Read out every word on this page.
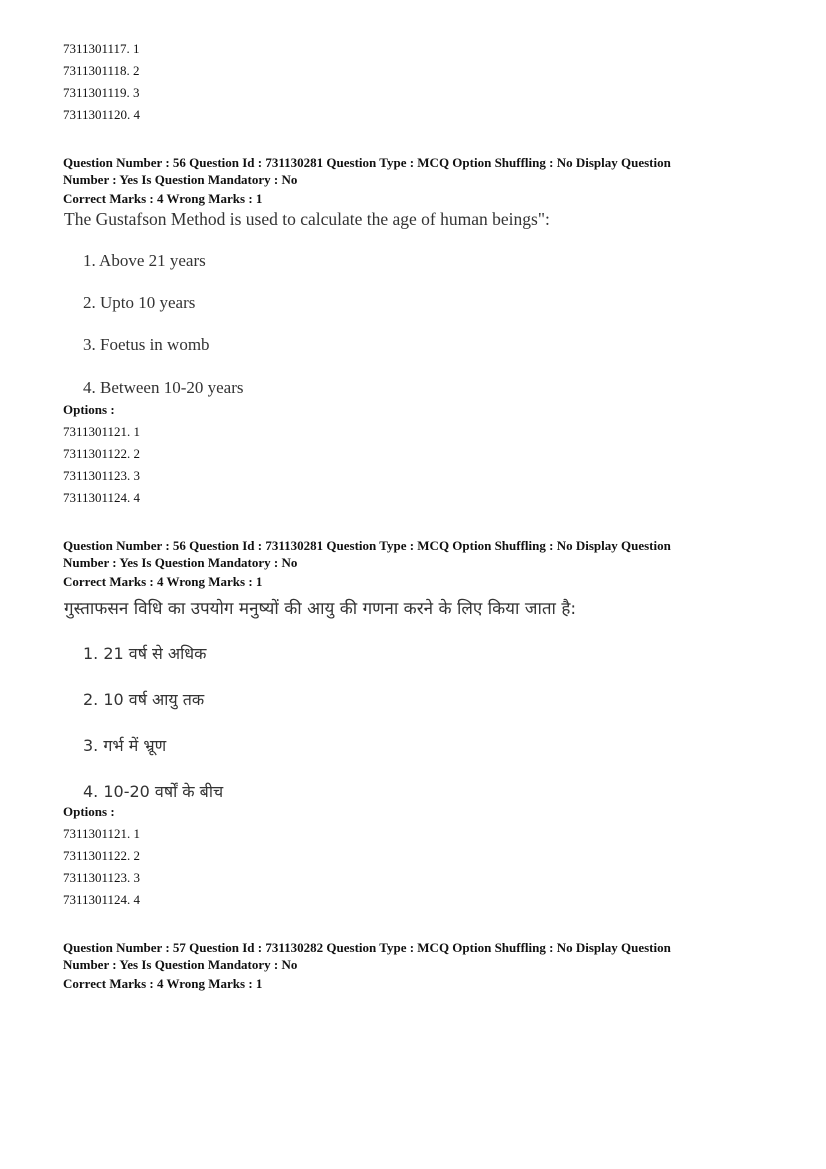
7311301117. 1
7311301118. 2
7311301119. 3
7311301120. 4
Question Number : 56 Question Id : 731130281 Question Type : MCQ Option Shuffling : No Display Question
Number : Yes Is Question Mandatory : No
Correct Marks : 4 Wrong Marks : 1
The Gustafson Method is used to calculate the age of human beings":
1. Above 21 years
2. Upto 10 years
3. Foetus in womb
4. Between 10-20 years
Options :
7311301121. 1
7311301122. 2
7311301123. 3
7311301124. 4
Question Number : 56 Question Id : 731130281 Question Type : MCQ Option Shuffling : No Display Question
Number : Yes Is Question Mandatory : No
Correct Marks : 4 Wrong Marks : 1
गुस्ताफसन विधि का उपयोग मनुष्यों की आयु की गणना करने के लिए किया जाता है:
1. 21 वर्ष से अधिक
2. 10 वर्ष आयु तक
3. गर्भ में भ्रूण
4. 10-20 वर्षों के बीच
Options :
7311301121. 1
7311301122. 2
7311301123. 3
7311301124. 4
Question Number : 57 Question Id : 731130282 Question Type : MCQ Option Shuffling : No Display Question
Number : Yes Is Question Mandatory : No
Correct Marks : 4 Wrong Marks : 1
